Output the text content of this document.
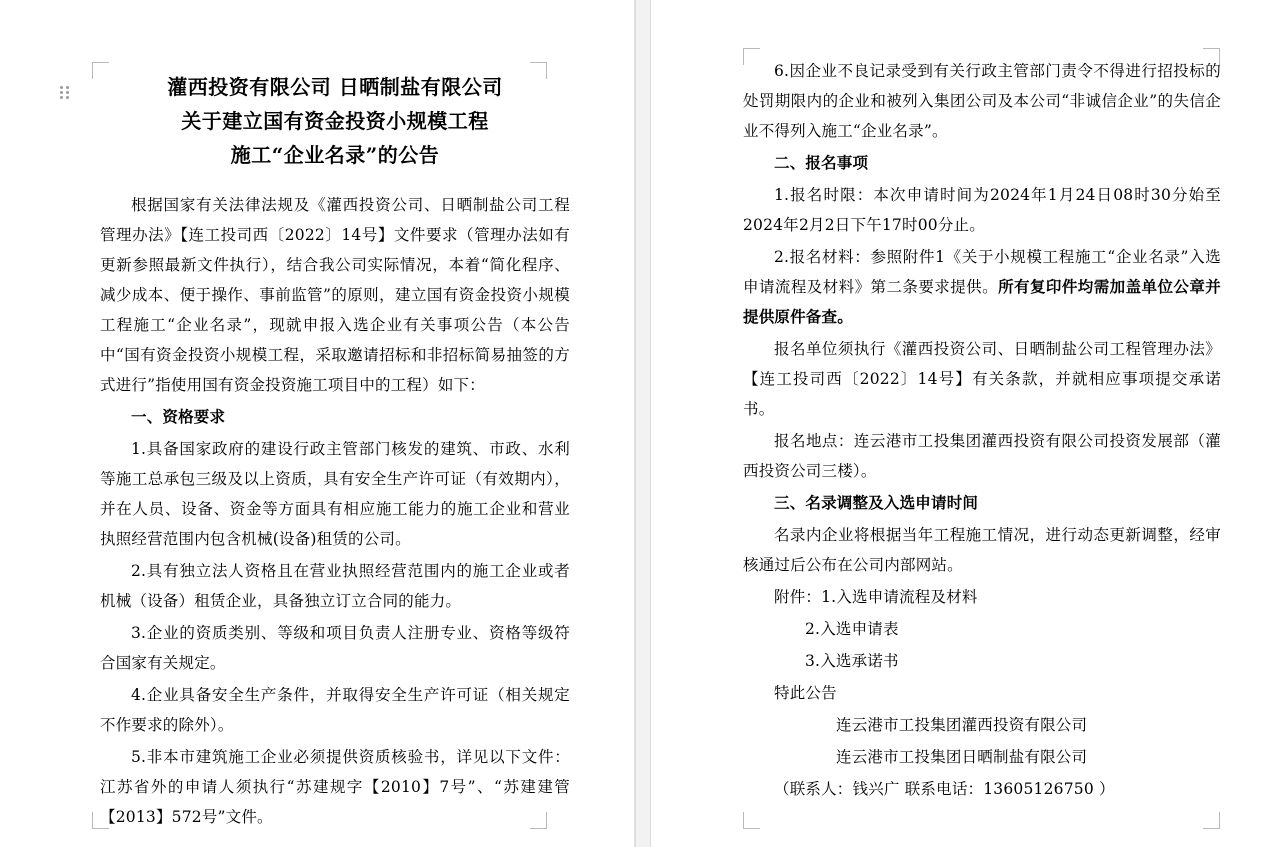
灌西投资有限公司 日晒制盐有限公司
关于建立国有资金投资小规模工程
施工“企业名录”的公告

根据国家有关法律法规及《灌西投资公司、日晒制盐公司工程管理办法》【连工投司西〔2022〕14号】文件要求（管理办法如有更新参照最新文件执行），结合我公司实际情况，本着“简化程序、减少成本、便于操作、事前监管”的原则，建立国有资金投资小规模工程施工“企业名录”，现就申报入选企业有关事项公告（本公告中“国有资金投资小规模工程，采取邀请招标和非招标简易抽签的方式进行”指使用国有资金投资施工项目中的工程）如下：

一、资格要求

1.具备国家政府的建设行政主管部门核发的建筑、市政、水利等施工总承包三级及以上资质，具有安全生产许可证（有效期内），并在人员、设备、资金等方面具有相应施工能力的施工企业和营业执照经营范围内包含机械(设备)租赁的公司。

2.具有独立法人资格且在营业执照经营范围内的施工企业或者机械（设备）租赁企业，具备独立订立合同的能力。

3.企业的资质类别、等级和项目负责人注册专业、资格等级符合国家有关规定。

4.企业具备安全生产条件，并取得安全生产许可证（相关规定不作要求的除外）。

5.非本市建筑施工企业必须提供资质核验书，详见以下文件：江苏省外的申请人须执行“苏建规字【2010】7号”、“苏建建管【2013】572号”文件。

6.因企业不良记录受到有关行政主管部门责令不得进行招投标的处罚期限内的企业和被列入集团公司及本公司“非诚信企业”的失信企业不得列入施工“企业名录”。

二、报名事项

1.报名时限：本次申请时间为2024年1月24日08时30分始至 2024年2月2日下午17时00分止。

2.报名材料：参照附件1《关于小规模工程施工“企业名录”入选申请流程及材料》第二条要求提供。所有复印件均需加盖单位公章并提供原件备查。

报名单位须执行《灌西投资公司、日晒制盐公司工程管理办法》【连工投司西〔2022〕14号】有关条款，并就相应事项提交承诺书。

报名地点：连云港市工投集团灌西投资有限公司投资发展部（灌西投资公司三楼）。

三、名录调整及入选申请时间

名录内企业将根据当年工程施工情况，进行动态更新调整，经审核通过后公布在公司内部网站。

附件：1.入选申请流程及材料

2.入选申请表

3.入选承诺书

特此公告

连云港市工投集团灌西投资有限公司

连云港市工投集团日晒制盐有限公司

（联系人：钱兴广 联系电话：13605126750 ）
